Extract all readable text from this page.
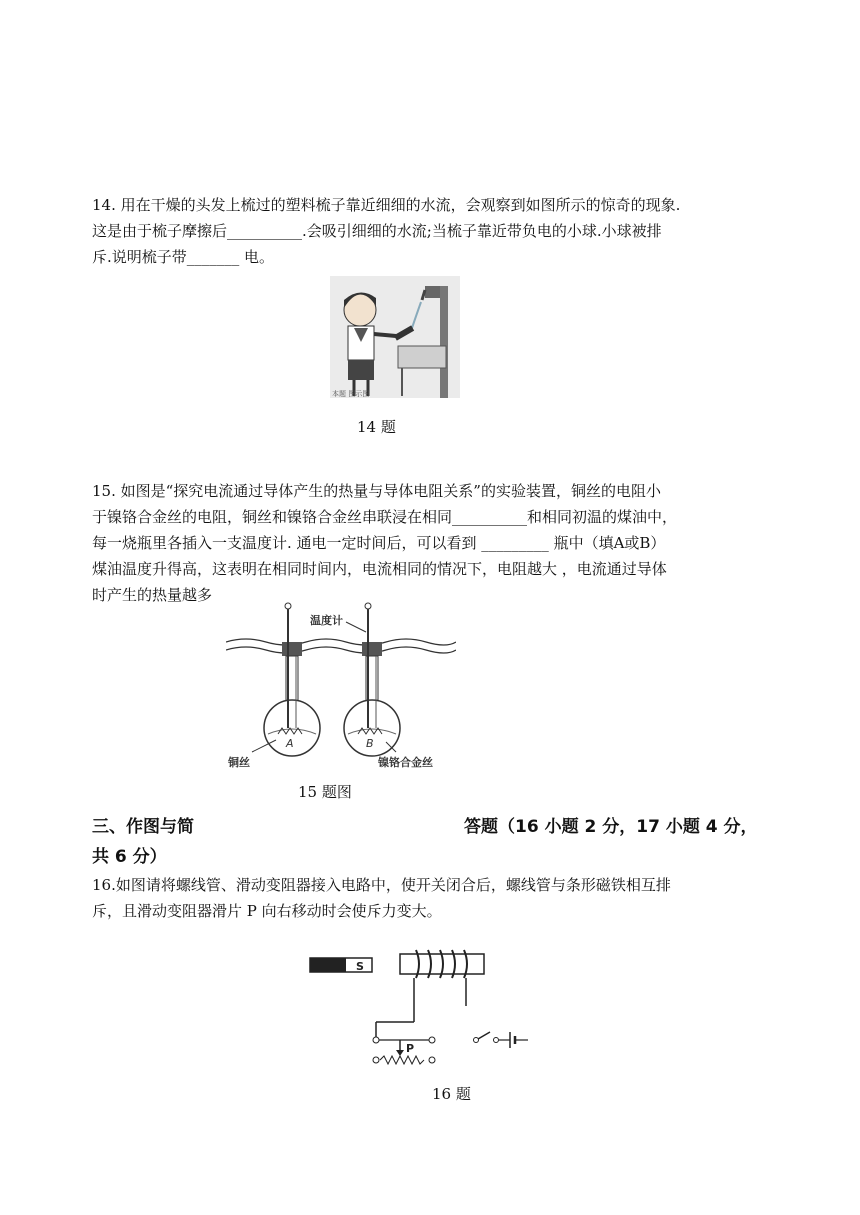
14. 用在干燥的头发上梳过的塑料梳子靠近细细的水流，会观察到如图所示的惊奇的现象.

这是由于梳子摩擦后__________.会吸引细细的水流;当梳子靠近带负电的小球.小球被排

斥.说明梳子带_______ 电。

本题 图示图
14 题

15. 如图是“探究电流通过导体产生的热量与导体电阻关系”的实验装置，铜丝的电阻小

于镍铬合金丝的电阻，铜丝和镍铬合金丝串联浸在相同__________和相同初温的煤油中，

每一烧瓶里各插入一支温度计. 通电一定时间后，可以看到 _________ 瓶中（填A或B）

煤油温度升得高，这表明在相同时间内，电流相同的情况下，电阻越大 ，电流通过导体

时产生的热量越多

A	B
温度计
铜丝	镍铬合金丝
15 题图
三、作图与简	答题（16 小题 2 分，17 小题 4 分，
共 6 分）

16.如图请将螺线管、滑动变阻器接入电路中，使开关闭合后，螺线管与条形磁铁相互排

斥，且滑动变阻器滑片 P 向右移动时会使斥力变大。

S
P
16 题
